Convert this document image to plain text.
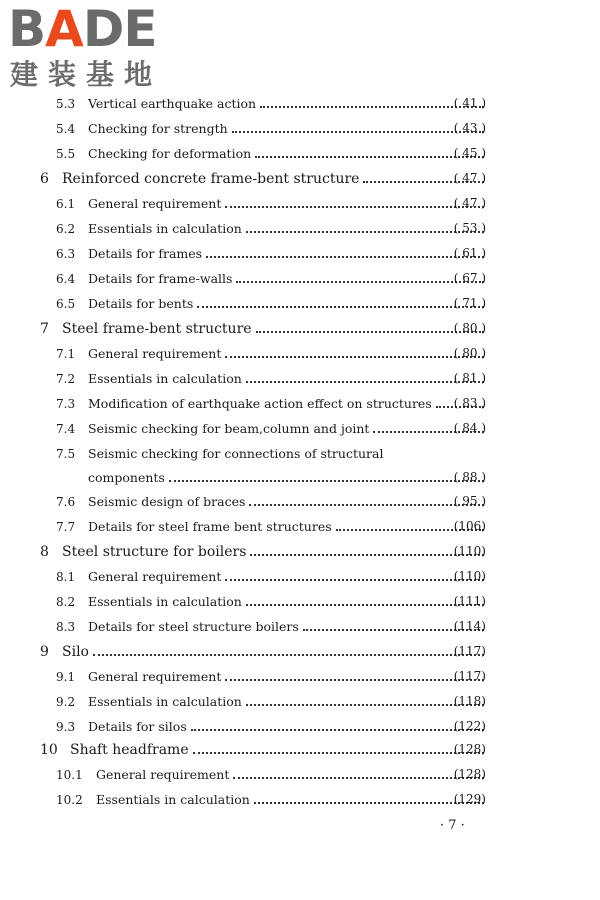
BADE
建装基地
5.3	Vertical earthquake action	( 41 )
5.4	Checking for strength	( 43 )
5.5	Checking for deformation	( 45 )
6 Reinforced concrete frame-bent structure	( 47 )
6.1	General requirement	( 47 )
6.2	Essentials in calculation	( 53 )
6.3	Details for frames	( 61 )
6.4	Details for frame-walls	( 67 )
6.5	Details for bents	( 71 )
7 Steel frame-bent structure	( 80 )
7.1	General requirement	( 80 )
7.2	Essentials in calculation	( 81 )
7.3	Modification of earthquake action effect on structures	( 83 )
7.4	Seismic checking for beam,column and joint	( 84 )
7.5	Seismic checking for connections of structural
components	( 88 )
7.6	Seismic design of braces	( 95 )
7.7	Details for steel frame bent structures	(106)
8 Steel structure for boilers	(110)
8.1	General requirement	(110)
8.2	Essentials in calculation	(111)
8.3	Details for steel structure boilers	(114)
9 Silo	(117)
9.1	General requirement	(117)
9.2	Essentials in calculation	(118)
9.3	Details for silos	(122)
10 Shaft headframe	(128)
10.1	General requirement	(128)
10.2	Essentials in calculation	(129)
· 7 ·
